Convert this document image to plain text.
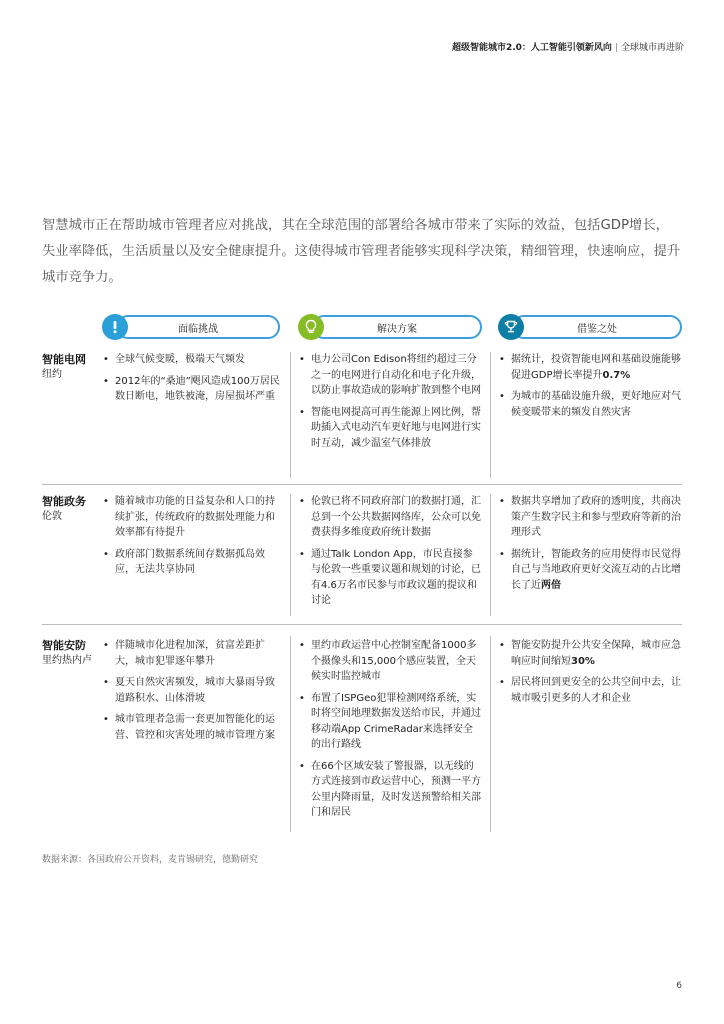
超级智能城市2.0：人工智能引领新风向 | 全球城市再进阶

智慧城市正在帮助城市管理者应对挑战，其在全球范围的部署给各城市带来了实际的效益，包括GDP增长，失业率降低，生活质量以及安全健康提升。这使得城市管理者能够实现科学决策，精细管理，快速响应，提升城市竞争力。

面临挑战	解决方案	借鉴之处
智能电网
纽约
• 全球气候变暖，极端天气频发
• 2012年的“桑迪”飓风造成100万居民数日断电，地铁被淹，房屋损坏严重
• 电力公司Con Edison将纽约超过三分之一的电网进行自动化和电子化升级，以防止事故造成的影响扩散到整个电网
• 智能电网提高可再生能源上网比例，帮助插入式电动汽车更好地与电网进行实时互动，减少温室气体排放
• 据统计，投资智能电网和基础设施能够促进GDP增长率提升0.7%
• 为城市的基础设施升级，更好地应对气候变暖带来的频发自然灾害
智能政务
伦敦
• 随着城市功能的日益复杂和人口的持续扩张，传统政府的数据处理能力和效率都有待提升
• 政府部门数据系统间存数据孤岛效应，无法共享协同
• 伦敦已将不同政府部门的数据打通，汇总到一个公共数据网络库，公众可以免费获得多维度政府统计数据
• 通过Talk London App，市民直接参与伦敦一些重要议题和规划的讨论，已有4.6万名市民参与市政议题的提议和讨论
• 数据共享增加了政府的透明度，共商决策产生数字民主和参与型政府等新的治理形式
• 据统计，智能政务的应用使得市民觉得自己与当地政府更好交流互动的占比增长了近两倍
智能安防
里约热内卢
• 伴随城市化进程加深，贫富差距扩大，城市犯罪逐年攀升
• 夏天自然灾害频发，城市大暴雨导致道路积水、山体滑坡
• 城市管理者急需一套更加智能化的运营、管控和灾害处理的城市管理方案
• 里约市政运营中心控制室配备1000多个摄像头和15,000个感应装置，全天候实时监控城市
• 布置了ISPGeo犯罪检测网络系统，实时将空间地理数据发送给市民，并通过移动端App CrimeRadar来选择安全的出行路线
• 在66个区域安装了警报器，以无线的方式连接到市政运营中心，预测一平方公里内降雨量，及时发送预警给相关部门和居民
• 智能安防提升公共安全保障，城市应急响应时间缩短30%
• 居民将回到更安全的公共空间中去，让城市吸引更多的人才和企业
数据来源：各国政府公开资料，麦肯锡研究，德勤研究
6
